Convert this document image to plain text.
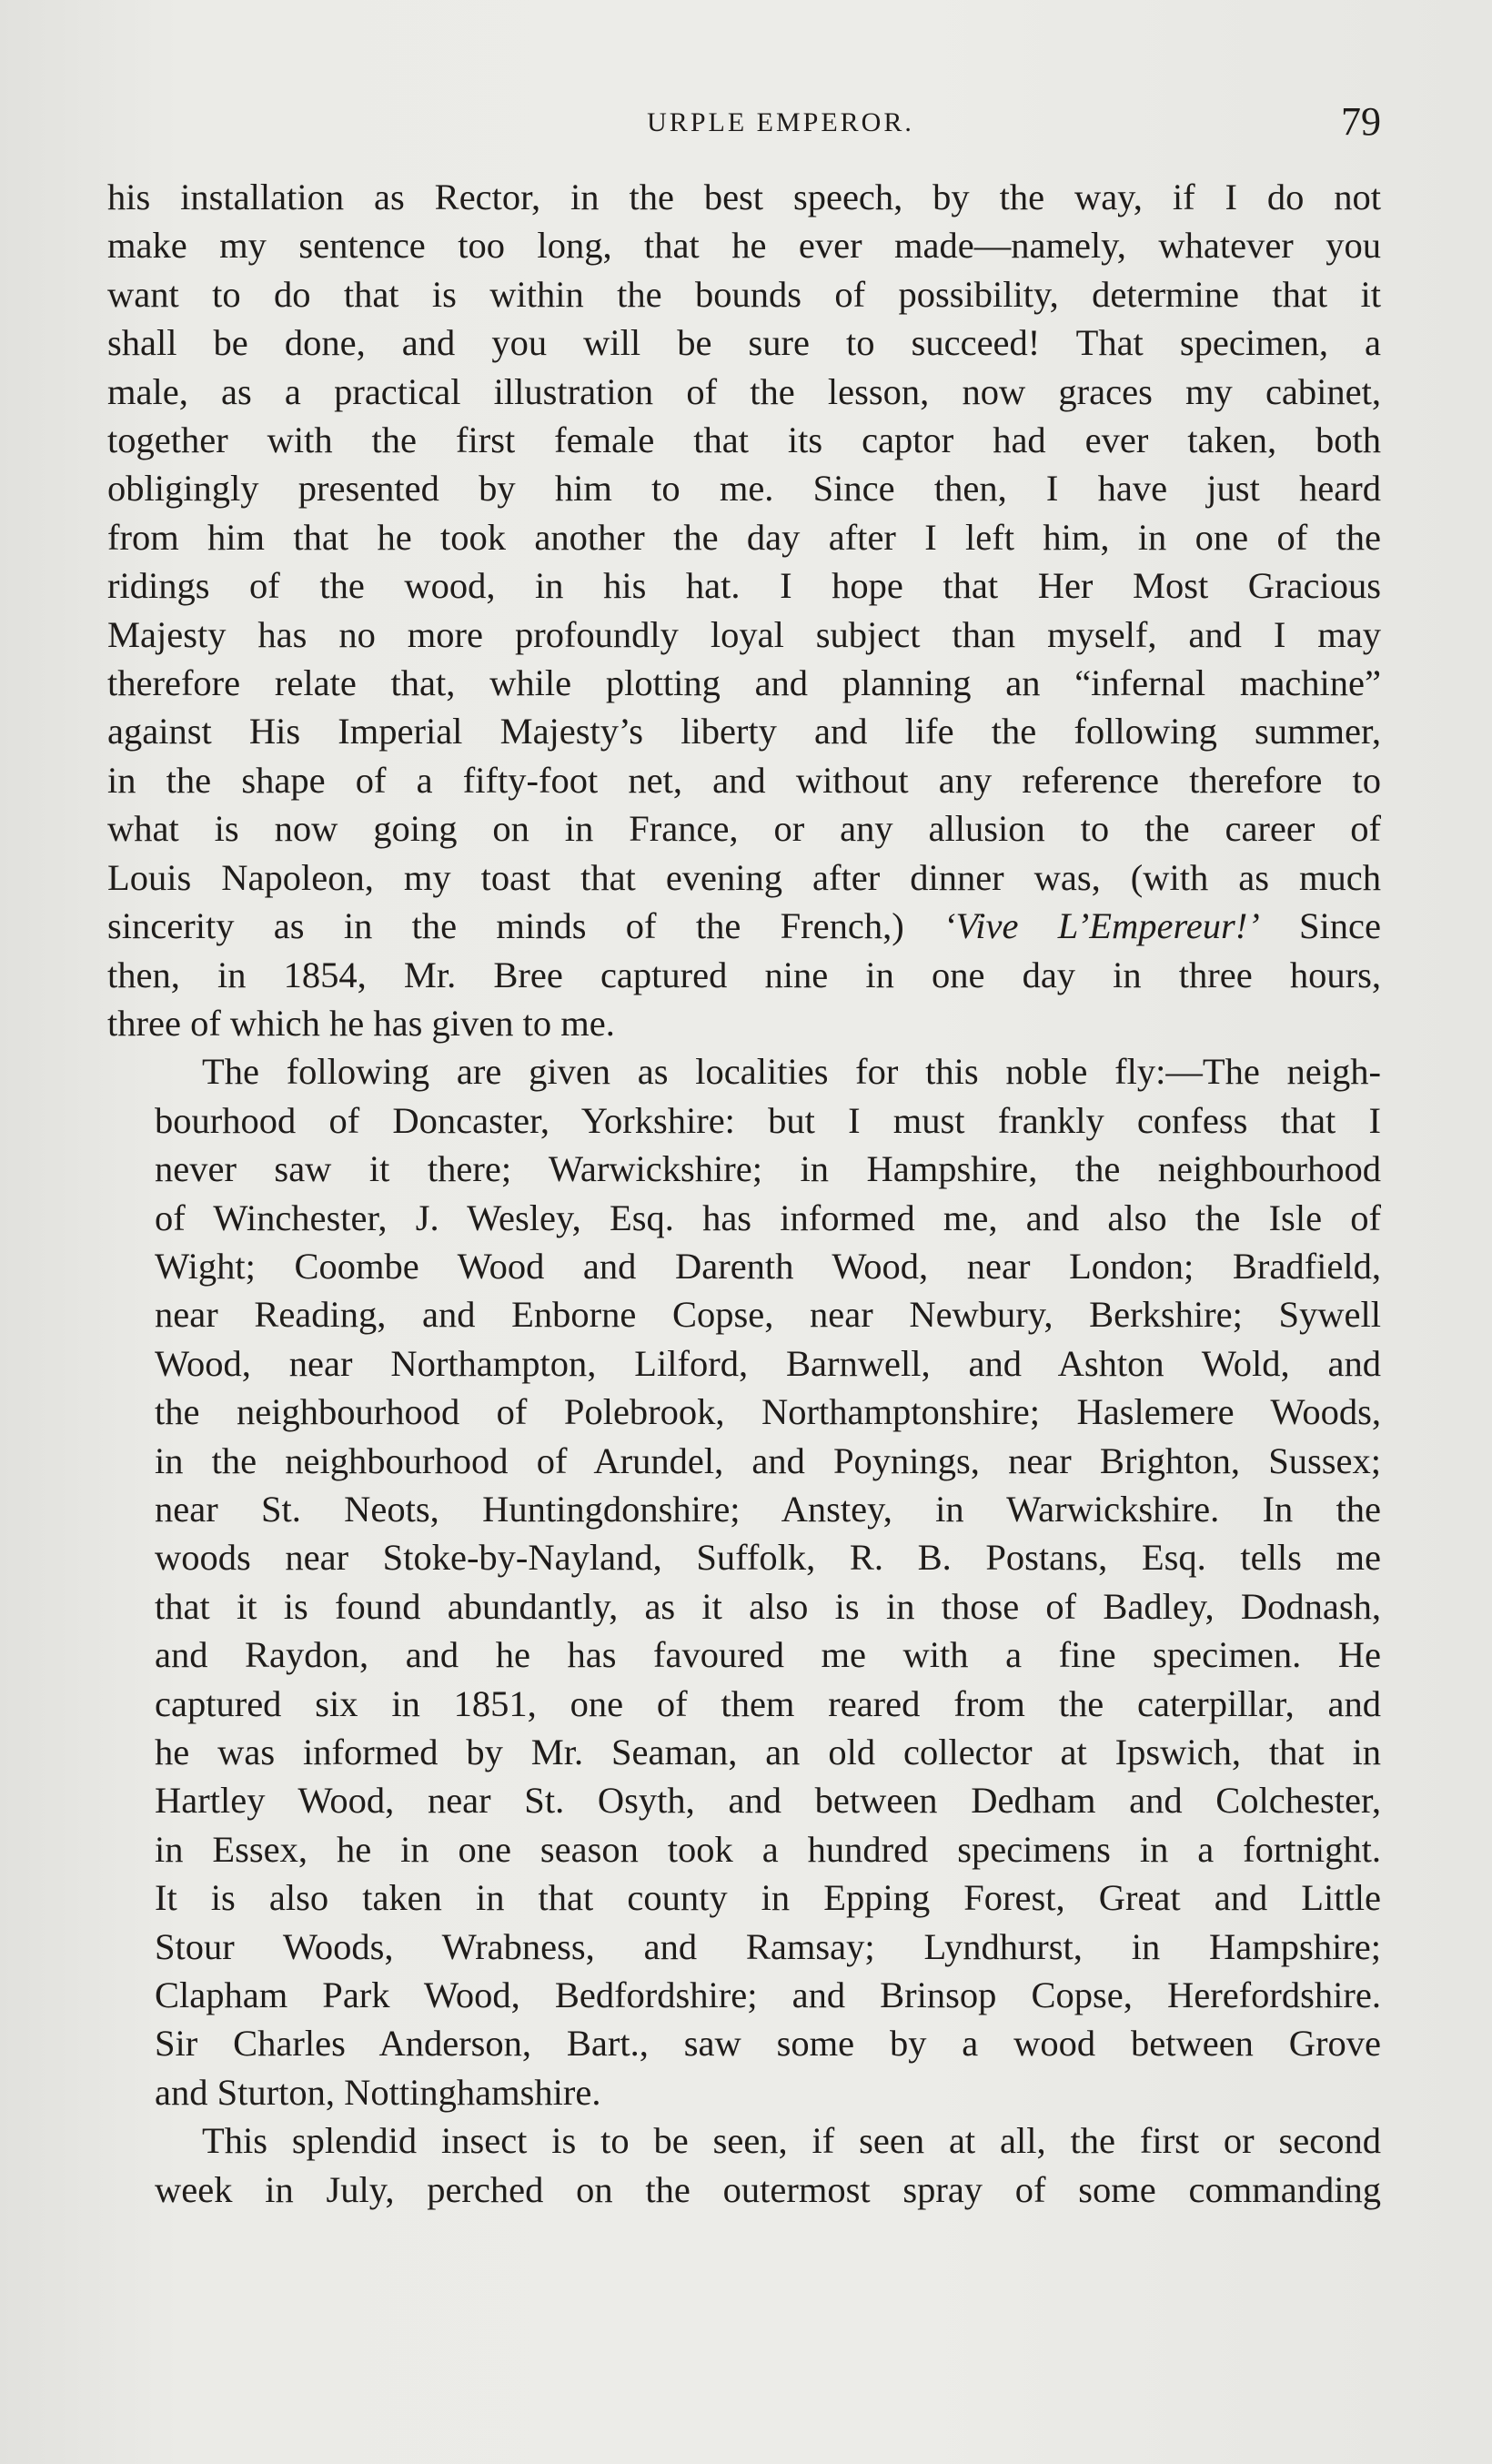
URPLE EMPEROR.	79

his installation as Rector, in the best speech, by the way, if I do not
make my sentence too long, that he ever made—namely, whatever you
want to do that is within the bounds of possibility, determine that it
shall be done, and you will be sure to succeed! That specimen, a
male, as a practical illustration of the lesson, now graces my cabinet,
together with the first female that its captor had ever taken, both
obligingly presented by him to me. Since then, I have just heard
from him that he took another the day after I left him, in one of the
ridings of the wood, in his hat. I hope that Her Most Gracious
Majesty has no more profoundly loyal subject than myself, and I may
therefore relate that, while plotting and planning an “infernal machine”
against His Imperial Majesty’s liberty and life the following summer,
in the shape of a fifty-foot net, and without any reference therefore to
what is now going on in France, or any allusion to the career of
Louis Napoleon, my toast that evening after dinner was, (with as much
sincerity as in the minds of the French,) ‘Vive L’Empereur!’ Since
then, in 1854, Mr. Bree captured nine in one day in three hours,
three of which he has given to me.

The following are given as localities for this noble fly:—The neigh-
bourhood of Doncaster, Yorkshire: but I must frankly confess that I
never saw it there; Warwickshire; in Hampshire, the neighbourhood
of Winchester, J. Wesley, Esq. has informed me, and also the Isle of
Wight; Coombe Wood and Darenth Wood, near London; Bradfield,
near Reading, and Enborne Copse, near Newbury, Berkshire; Sywell
Wood, near Northampton, Lilford, Barnwell, and Ashton Wold, and
the neighbourhood of Polebrook, Northamptonshire; Haslemere Woods,
in the neighbourhood of Arundel, and Poynings, near Brighton, Sussex;
near St. Neots, Huntingdonshire; Anstey, in Warwickshire. In the
woods near Stoke-by-Nayland, Suffolk, R. B. Postans, Esq. tells me
that it is found abundantly, as it also is in those of Badley, Dodnash,
and Raydon, and he has favoured me with a fine specimen. He
captured six in 1851, one of them reared from the caterpillar, and
he was informed by Mr. Seaman, an old collector at Ipswich, that in
Hartley Wood, near St. Osyth, and between Dedham and Colchester,
in Essex, he in one season took a hundred specimens in a fortnight.
It is also taken in that county in Epping Forest, Great and Little
Stour Woods, Wrabness, and Ramsay; Lyndhurst, in Hampshire;
Clapham Park Wood, Bedfordshire; and Brinsop Copse, Herefordshire.
Sir Charles Anderson, Bart., saw some by a wood between Grove
and Sturton, Nottinghamshire.

This splendid insect is to be seen, if seen at all, the first or second
week in July, perched on the outermost spray of some commanding
